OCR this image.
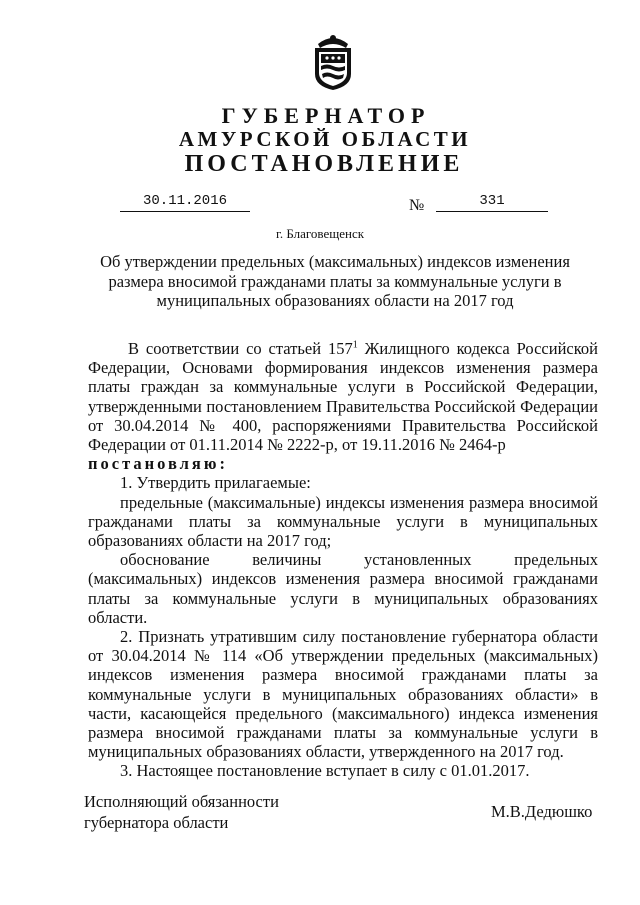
ГУБЕРНАТОР
АМУРСКОЙ ОБЛАСТИ
ПОСТАНОВЛЕНИЕ
30.11.2016	№	331
г. Благовещенск
Об утверждении предельных (максимальных) индексов изменения
размера вносимой гражданами платы за коммунальные услуги в
муниципальных образованиях области на 2017 год

В соответствии со статьей $157^1$ Жилищного кодекса Российской Федерации, Основами формирования индексов изменения размера платы граждан за коммунальные услуги в Российской Федерации, утвержденными постановлением Правительства Российской Федерации от 30.04.2014 № 400, распоряжениями Правительства Российской Федерации от 01.11.2014 № 2222-р, от 19.11.2016 № 2464-р

постановляю:

1. Утвердить прилагаемые:

предельные (максимальные) индексы изменения размера вносимой гражданами платы за коммунальные услуги в муниципальных образованиях области на 2017 год;

обоснование величины установленных предельных (максимальных) индексов изменения размера вносимой гражданами платы за коммунальные услуги в муниципальных образованиях области.

2. Признать утратившим силу постановление губернатора области от 30.04.2014 № 114 «Об утверждении предельных (максимальных) индексов изменения размера вносимой гражданами платы за коммунальные услуги в муниципальных образованиях области» в части, касающейся предельного (максимального) индекса изменения размера вносимой гражданами платы за коммунальные услуги в муниципальных образованиях области, утвержденного на 2017 год.

3. Настоящее постановление вступает в силу с 01.01.2017.

Исполняющий обязанности
губернатора области
М.В.Дедюшко
